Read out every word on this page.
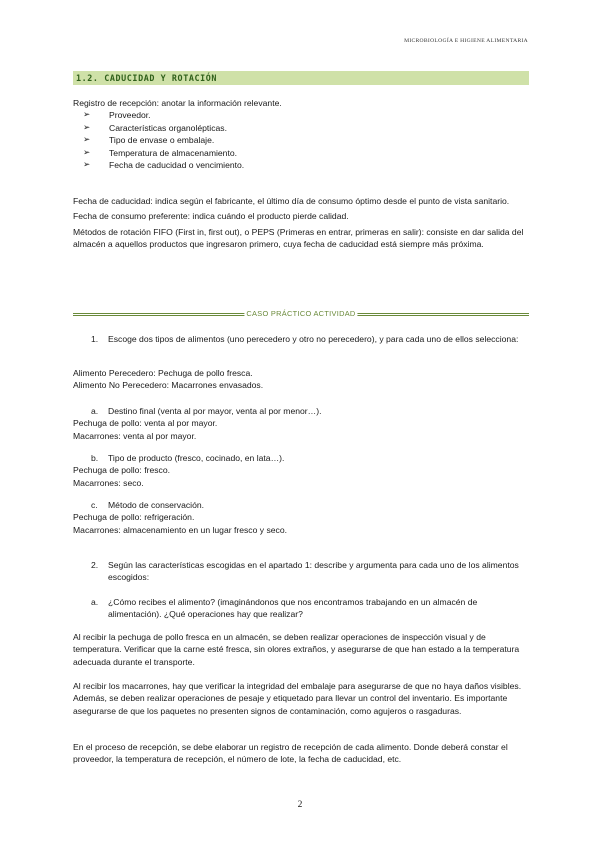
MICROBIOLOGÍA E HIGIENE ALIMENTARIA
1.2. CADUCIDAD Y ROTACIÓN

Registro de recepción: anotar la información relevante.

➢ Proveedor.
➢ Características organolépticas.
➢ Tipo de envase o embalaje.
➢ Temperatura de almacenamiento.
➢ Fecha de caducidad o vencimiento.

Fecha de caducidad: indica según el fabricante, el último día de consumo óptimo desde el punto de vista sanitario.

Fecha de consumo preferente: indica cuándo el producto pierde calidad.

Métodos de rotación FIFO (First in, first out), o PEPS (Primeras en entrar, primeras en salir): consiste en dar salida del almacén a aquellos productos que ingresaron primero, cuya fecha de caducidad está siempre más próxima.

CASO PRÁCTICO ACTIVIDAD
1. Escoge dos tipos de alimentos (uno perecedero y otro no perecedero), y para cada uno de ellos selecciona:

Alimento Perecedero: Pechuga de pollo fresca.

Alimento No Perecedero: Macarrones envasados.

a. Destino final (venta al por mayor, venta al por menor…).

Pechuga de pollo: venta al por mayor.

Macarrones: venta al por mayor.

b. Tipo de producto (fresco, cocinado, en lata…).

Pechuga de pollo: fresco.

Macarrones: seco.

c. Método de conservación.

Pechuga de pollo: refrigeración.

Macarrones: almacenamiento en un lugar fresco y seco.

2. Según las características escogidas en el apartado 1: describe y argumenta para cada uno de los alimentos escogidos:
a. ¿Cómo recibes el alimento? (imaginándonos que nos encontramos trabajando en un almacén de alimentación). ¿Qué operaciones hay que realizar?

Al recibir la pechuga de pollo fresca en un almacén, se deben realizar operaciones de inspección visual y de temperatura. Verificar que la carne esté fresca, sin olores extraños, y asegurarse de que han estado a la temperatura adecuada durante el transporte.

Al recibir los macarrones, hay que verificar la integridad del embalaje para asegurarse de que no haya daños visibles. Además, se deben realizar operaciones de pesaje y etiquetado para llevar un control del inventario. Es importante asegurarse de que los paquetes no presenten signos de contaminación, como agujeros o rasgaduras.

En el proceso de recepción, se debe elaborar un registro de recepción de cada alimento. Donde deberá constar el proveedor, la temperatura de recepción, el número de lote, la fecha de caducidad, etc.

2
